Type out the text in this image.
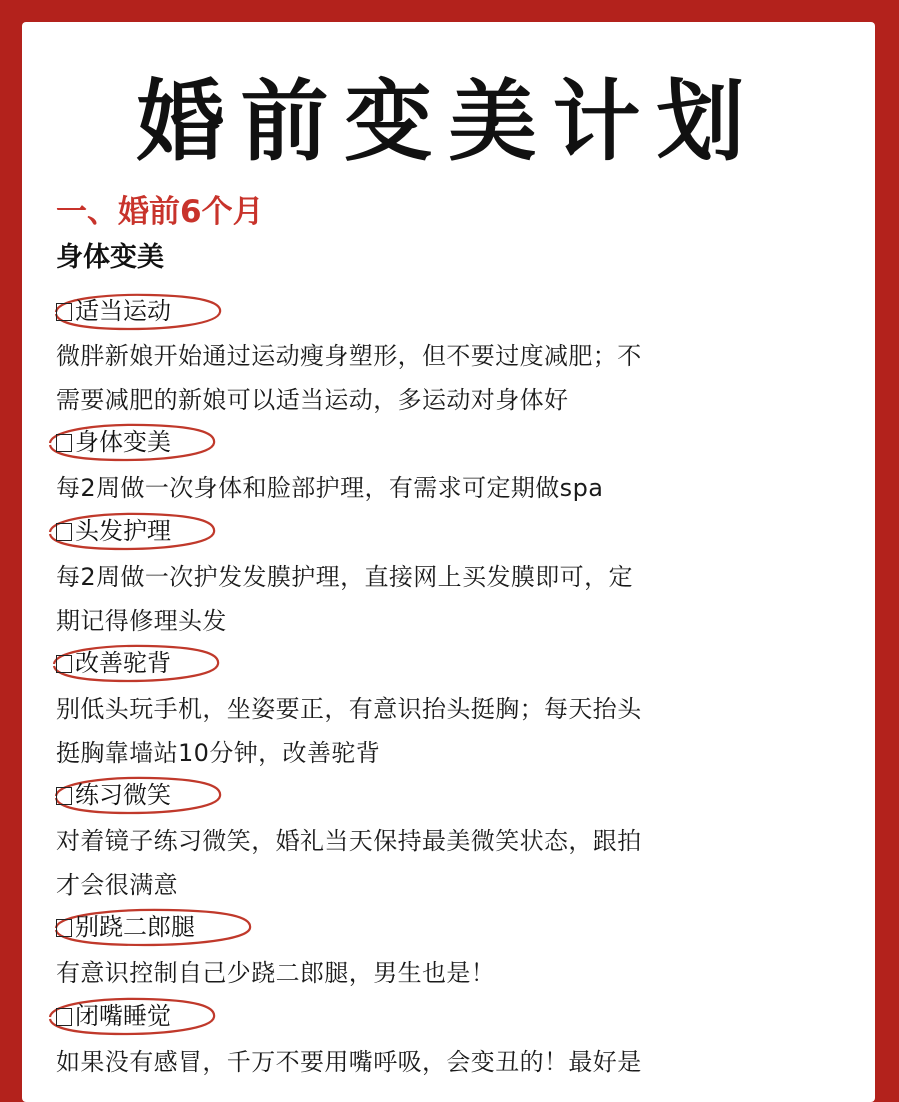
婚前变美计划
一、婚前6个月
身体变美
适当运动
微胖新娘开始通过运动瘦身塑形，但不要过度减肥；不
需要减肥的新娘可以适当运动，多运动对身体好
身体变美
每2周做一次身体和脸部护理，有需求可定期做spa
头发护理
每2周做一次护发发膜护理，直接网上买发膜即可，定
期记得修理头发
改善驼背
别低头玩手机，坐姿要正，有意识抬头挺胸；每天抬头
挺胸靠墙站10分钟，改善驼背
练习微笑
对着镜子练习微笑，婚礼当天保持最美微笑状态，跟拍
才会很满意
别跷二郎腿
有意识控制自己少跷二郎腿，男生也是！
闭嘴睡觉
如果没有感冒，千万不要用嘴呼吸，会变丑的！最好是
